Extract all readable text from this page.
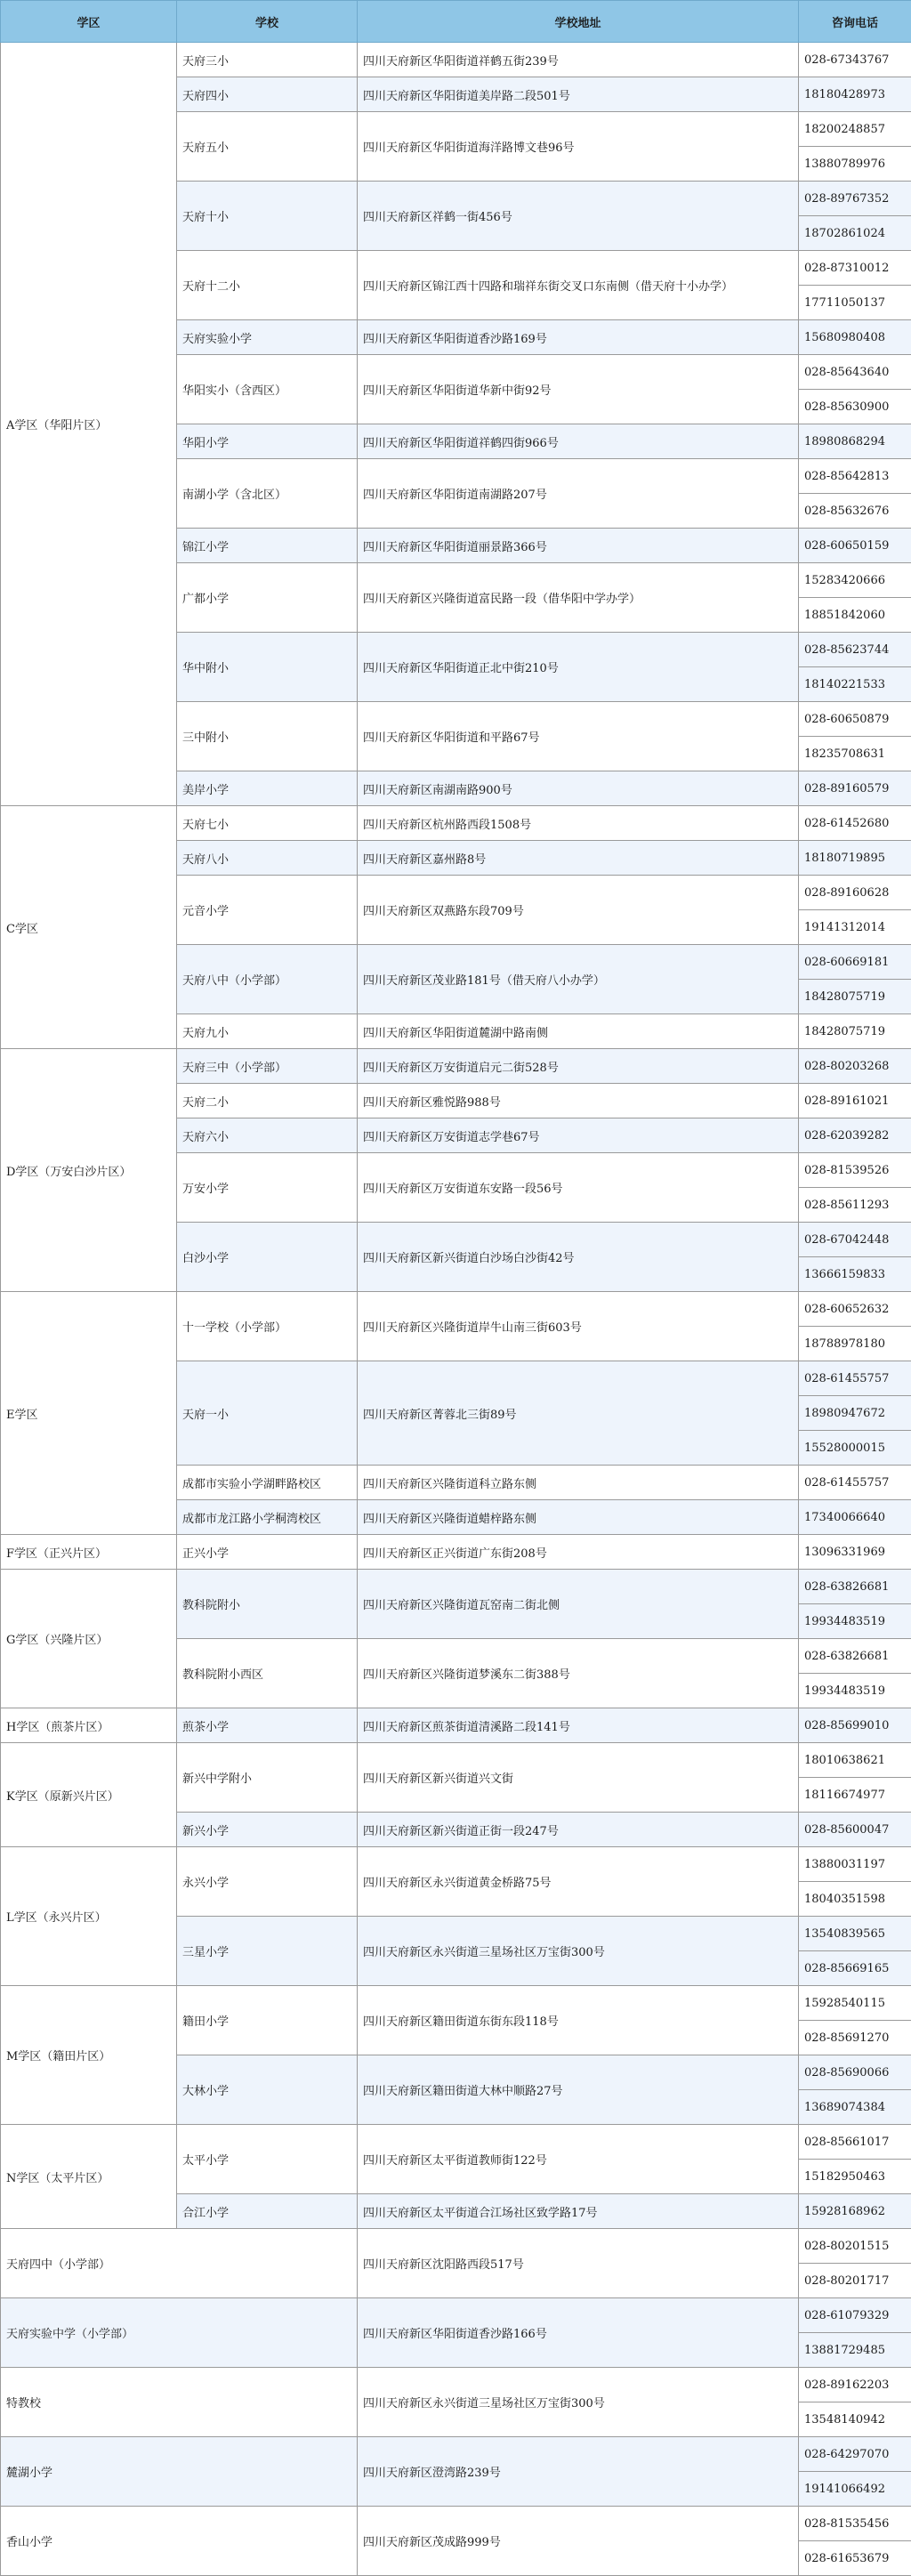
学区	学校	学校地址	咨询电话
A学区（华阳片区）	天府三小	四川天府新区华阳街道祥鹤五街239号	028-67343767
	天府四小	四川天府新区华阳街道美岸路二段501号	18180428973
	天府五小	四川天府新区华阳街道海洋路博文巷96号	18200248857
			13880789976
	天府十小	四川天府新区祥鹤一街456号	028-89767352
			18702861024
	天府十二小	四川天府新区锦江西十四路和瑞祥东街交叉口东南侧（借天府十小办学）	028-87310012
			17711050137
	天府实验小学	四川天府新区华阳街道香沙路169号	15680980408
	华阳实小（含西区）	四川天府新区华阳街道华新中街92号	028-85643640
			028-85630900
	华阳小学	四川天府新区华阳街道祥鹤四街966号	18980868294
	南湖小学（含北区）	四川天府新区华阳街道南湖路207号	028-85642813
			028-85632676
	锦江小学	四川天府新区华阳街道丽景路366号	028-60650159
	广都小学	四川天府新区兴隆街道富民路一段（借华阳中学办学）	15283420666
			18851842060
	华中附小	四川天府新区华阳街道正北中街210号	028-85623744
			18140221533
	三中附小	四川天府新区华阳街道和平路67号	028-60650879
			18235708631
	美岸小学	四川天府新区南湖南路900号	028-89160579
C学区	天府七小	四川天府新区杭州路西段1508号	028-61452680
	天府八小	四川天府新区嘉州路8号	18180719895
	元音小学	四川天府新区双燕路东段709号	028-89160628
			19141312014
	天府八中（小学部）	四川天府新区茂业路181号（借天府八小办学）	028-60669181
			18428075719
	天府九小	四川天府新区华阳街道麓湖中路南侧	18428075719
D学区（万安白沙片区）	天府三中（小学部）	四川天府新区万安街道启元二街528号	028-80203268
	天府二小	四川天府新区雅悦路988号	028-89161021
	天府六小	四川天府新区万安街道志学巷67号	028-62039282
	万安小学	四川天府新区万安街道东安路一段56号	028-81539526
			028-85611293
	白沙小学	四川天府新区新兴街道白沙场白沙街42号	028-67042448
			13666159833
E学区	十一学校（小学部）	四川天府新区兴隆街道岸牛山南三街603号	028-60652632
			18788978180
	天府一小	四川天府新区菁蓉北三街89号	028-61455757
			18980947672
			15528000015
	成都市实验小学湖畔路校区	四川天府新区兴隆街道科立路东侧	028-61455757
	成都市龙江路小学桐湾校区	四川天府新区兴隆街道蜡梓路东侧	17340066640
F学区（正兴片区）	正兴小学	四川天府新区正兴街道广东街208号	13096331969
G学区（兴隆片区）	教科院附小	四川天府新区兴隆街道瓦窑南二街北侧	028-63826681
			19934483519
	教科院附小西区	四川天府新区兴隆街道梦溪东二街388号	028-63826681
			19934483519
H学区（煎茶片区）	煎茶小学	四川天府新区煎茶街道清溪路二段141号	028-85699010
K学区（原新兴片区）	新兴中学附小	四川天府新区新兴街道兴文街	18010638621
			18116674977
	新兴小学	四川天府新区新兴街道正街一段247号	028-85600047
L学区（永兴片区）	永兴小学	四川天府新区永兴街道黄金桥路75号	13880031197
			18040351598
	三星小学	四川天府新区永兴街道三星场社区万宝街300号	13540839565
			028-85669165
M学区（籍田片区）	籍田小学	四川天府新区籍田街道东街东段118号	15928540115
			028-85691270
	大林小学	四川天府新区籍田街道大林中顺路27号	028-85690066
			13689074384
N学区（太平片区）	太平小学	四川天府新区太平街道教师街122号	028-85661017
			15182950463
	合江小学	四川天府新区太平街道合江场社区致学路17号	15928168962
天府四中（小学部）		四川天府新区沈阳路西段517号	028-80201515
			028-80201717
天府实验中学（小学部）		四川天府新区华阳街道香沙路166号	028-61079329
			13881729485
特教校		四川天府新区永兴街道三星场社区万宝街300号	028-89162203
			13548140942
麓湖小学		四川天府新区澄湾路239号	028-64297070
			19141066492
香山小学		四川天府新区茂成路999号	028-81535456
			028-61653679
